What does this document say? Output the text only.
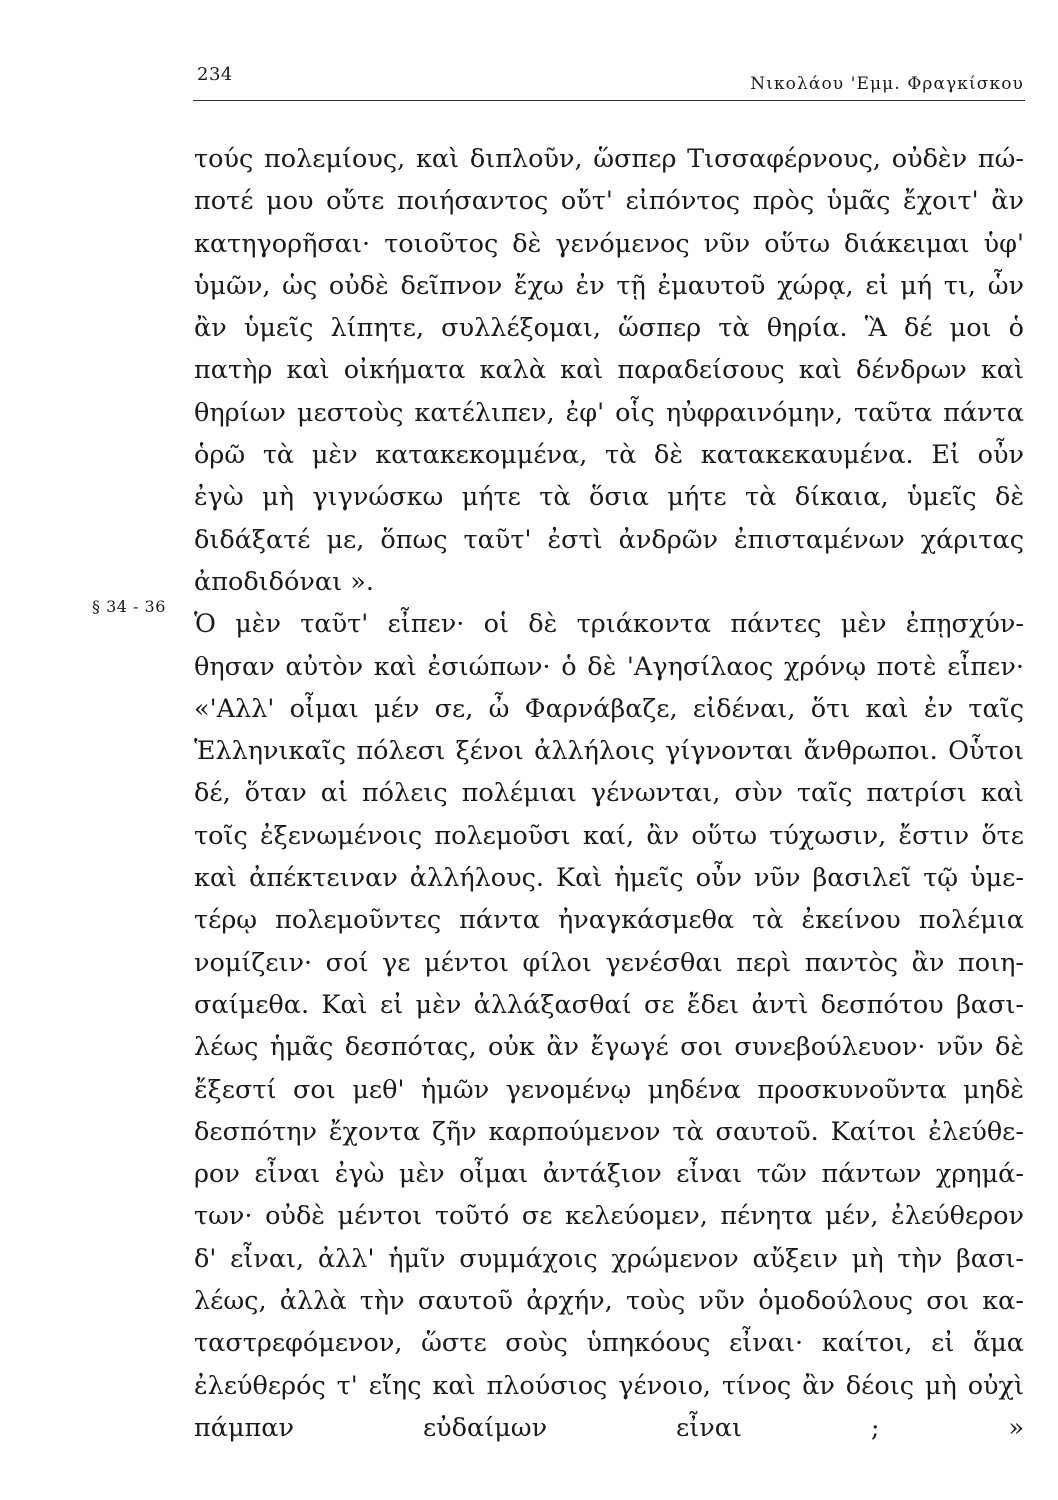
234	Νικολάου 'Εμμ. Φραγκίσκου
§ 34 - 36
τούς πολεμίους, καὶ διπλοῦν, ὥσπερ Τισσαφέρνους, οὐδὲν πώ-
ποτέ μου οὔτε ποιήσαντος οὔτ' εἰπόντος πρὸς ὑμᾶς ἔχοιτ' ἂν
κατηγορῆσαι· τοιοῦτος δὲ γενόμενος νῦν οὕτω διάκειμαι ὑφ'
ὑμῶν, ὡς οὐδὲ δεῖπνον ἔχω ἐν τῇ ἐμαυτοῦ χώρᾳ, εἰ μή τι, ὧν
ἂν ὑμεῖς λίπητε, συλλέξομαι, ὥσπερ τὰ θηρία. Ἃ δέ μοι ὁ
πατὴρ καὶ οἰκήματα καλὰ καὶ παραδείσους καὶ δένδρων καὶ
θηρίων μεστοὺς κατέλιπεν, ἐφ' οἷς ηὐφραινόμην, ταῦτα πάντα
ὁρῶ τὰ μὲν κατακεκομμένα, τὰ δὲ κατακεκαυμένα. Εἰ οὖν
ἐγὼ μὴ γιγνώσκω μήτε τὰ ὅσια μήτε τὰ δίκαια, ὑμεῖς δὲ
διδάξατέ με, ὅπως ταῦτ' ἐστὶ ἀνδρῶν ἐπισταμένων χάριτας
ἀποδιδόναι ».
Ὁ μὲν ταῦτ' εἶπεν· οἱ δὲ τριάκοντα πάντες μὲν ἐπῃσχύν-
θησαν αὐτὸν καὶ ἐσιώπων· ὁ δὲ 'Αγησίλαος χρόνῳ ποτὲ εἶπεν·
«'Αλλ' οἶμαι μέν σε, ὦ Φαρνάβαζε, εἰδέναι, ὅτι καὶ ἐν ταῖς
Ἑλληνικαῖς πόλεσι ξένοι ἀλλήλοις γίγνονται ἄνθρωποι. Οὗτοι
δέ, ὅταν αἱ πόλεις πολέμιαι γένωνται, σὺν ταῖς πατρίσι καὶ
τοῖς ἐξενωμένοις πολεμοῦσι καί, ἂν οὕτω τύχωσιν, ἔστιν ὅτε
καὶ ἀπέκτειναν ἀλλήλους. Καὶ ἡμεῖς οὖν νῦν βασιλεῖ τῷ ὑμε-
τέρῳ πολεμοῦντες πάντα ἠναγκάσμεθα τὰ ἐκείνου πολέμια
νομίζειν· σοί γε μέντοι φίλοι γενέσθαι περὶ παντὸς ἂν ποιη-
σαίμεθα. Καὶ εἰ μὲν ἀλλάξασθαί σε ἔδει ἀντὶ δεσπότου βασι-
λέως ἡμᾶς δεσπότας, οὐκ ἂν ἔγωγέ σοι συνεβούλευον· νῦν δὲ
ἔξεστί σοι μεθ' ἡμῶν γενομένῳ μηδένα προσκυνοῦντα μηδὲ
δεσπότην ἔχοντα ζῆν καρπούμενον τὰ σαυτοῦ. Καίτοι ἐλεύθε-
ρον εἶναι ἐγὼ μὲν οἶμαι ἀντάξιον εἶναι τῶν πάντων χρημά-
των· οὐδὲ μέντοι τοῦτό σε κελεύομεν, πένητα μέν, ἐλεύθερον
δ' εἶναι, ἀλλ' ἡμῖν συμμάχοις χρώμενον αὔξειν μὴ τὴν βασι-
λέως, ἀλλὰ τὴν σαυτοῦ ἀρχήν, τοὺς νῦν ὁμοδούλους σοι κα-
ταστρεφόμενον, ὥστε σοὺς ὑπηκόους εἶναι· καίτοι, εἰ ἅμα
ἐλεύθερός τ' εἴης καὶ πλούσιος γένοιο, τίνος ἂν δέοις μὴ οὐχὶ
πάμπαν εὐδαίμων εἶναι ; »
